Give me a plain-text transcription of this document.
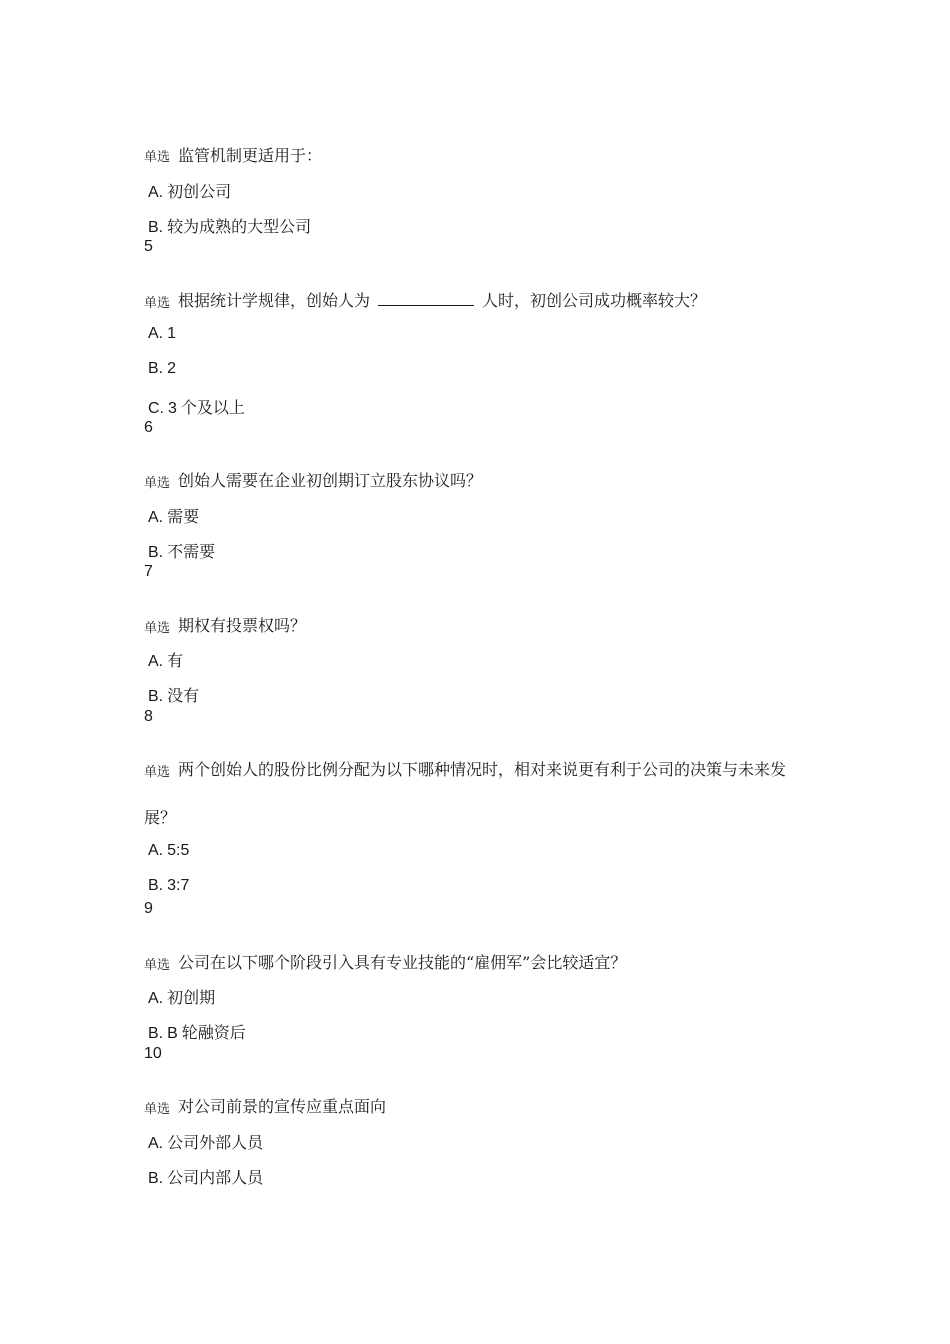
单选 监管机制更适用于：
A. 初创公司
B. 较为成熟的大型公司
5
单选 根据统计学规律，创始人为	人时，初创公司成功概率较大？
A. 1
B. 2
C. 3 个及以上
6
单选 创始人需要在企业初创期订立股东协议吗？
A. 需要
B. 不需要
7
单选 期权有投票权吗？
A. 有
B. 没有
8
单选 两个创始人的股份比例分配为以下哪种情况时，相对来说更有利于公司的决策与未来发
展？
A. 5:5
B. 3:7
9
单选 公司在以下哪个阶段引入具有专业技能的“雇佣军”会比较适宜？
A. 初创期
B. B 轮融资后
10
单选 对公司前景的宣传应重点面向
A. 公司外部人员
B. 公司内部人员
